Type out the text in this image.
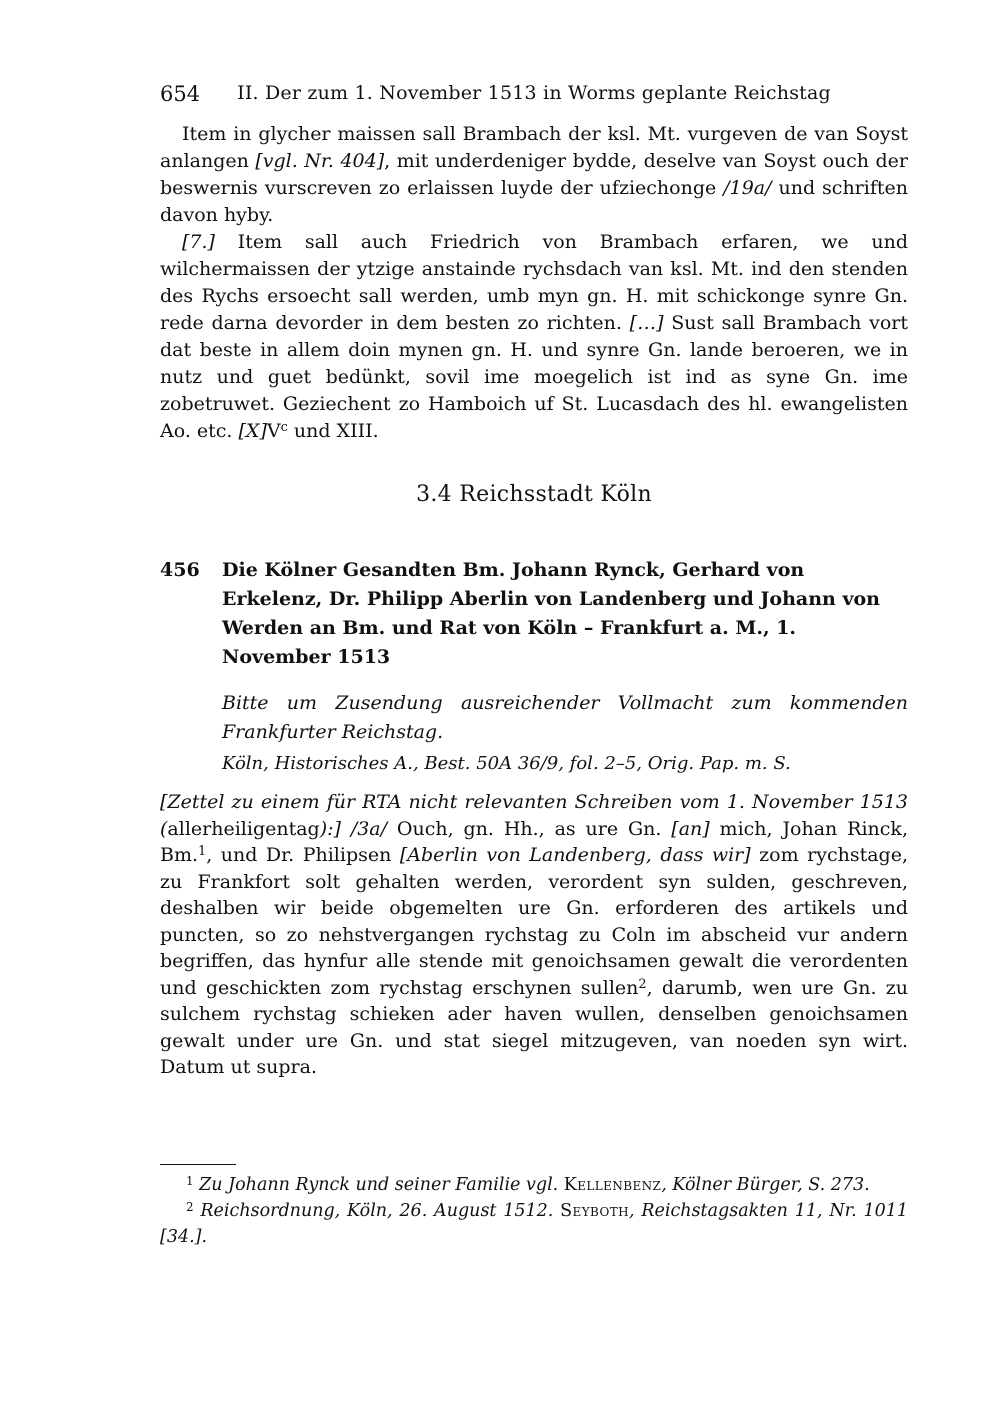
654	II. Der zum 1. November 1513 in Worms geplante Reichstag

Item in glycher maissen sall Brambach der ksl. Mt. vurgeven de van Soyst anlangen [vgl. Nr. 404], mit underdeniger bydde, deselve van Soyst ouch der beswernis vurscreven zo erlaissen luyde der ufziechonge /19a/ und schriften davon hyby.

[7.] Item sall auch Friedrich von Brambach erfaren, we und wilchermaissen der ytzige anstainde rychsdach van ksl. Mt. ind den stenden des Rychs ersoecht sall werden, umb myn gn. H. mit schickonge synre Gn. rede darna devorder in dem besten zo richten. […] Sust sall Brambach vort dat beste in allem doin mynen gn. H. und synre Gn. lande beroeren, we in nutz und guet bedünkt, sovil ime moegelich ist ind as syne Gn. ime zobetruwet. Geziechent zo Hamboich uf St. Lucasdach des hl. ewangelisten Ao. etc. $[X]V^c$ und XIII.

3.4 Reichsstadt Köln
456	Die Kölner Gesandten Bm. Johann Rynck, Gerhard von Erkelenz, Dr. Philipp Aberlin von Landenberg und Johann von Werden an Bm. und Rat von Köln – Frankfurt a. M., 1. November 1513

Bitte um Zusendung ausreichender Vollmacht zum kommenden Frankfurter Reichstag.

Köln, Historisches A., Best. 50A 36/9, fol. 2–5, Orig. Pap. m. S.

[Zettel zu einem für RTA nicht relevanten Schreiben vom 1. November 1513 (allerheiligentag):] /3a/ Ouch, gn. Hh., as ure Gn. [an] mich, Johan Rinck, Bm.$^1$, und Dr. Philipsen [Aberlin von Landenberg, dass wir] zom rychstage, zu Frankfort solt gehalten werden, verordent syn sulden, geschreven, deshalben wir beide obgemelten ure Gn. erforderen des artikels und puncten, so zo nehstvergangen rychstag zu Coln im abscheid vur andern begriffen, das hynfur alle stende mit genoichsamen gewalt die verordenten und geschickten zom rychstag erschynen sullen$^2$, darumb, wen ure Gn. zu sulchem rychstag schieken ader haven wullen, denselben genoichsamen gewalt under ure Gn. und stat siegel mitzugeven, van noeden syn wirt. Datum ut supra.

$^1$ Zu Johann Rynck und seiner Familie vgl. Kellenbenz, Kölner Bürger, S. 273.

$^2$ Reichsordnung, Köln, 26. August 1512. Seyboth, Reichstagsakten 11, Nr. 1011 [34.].
